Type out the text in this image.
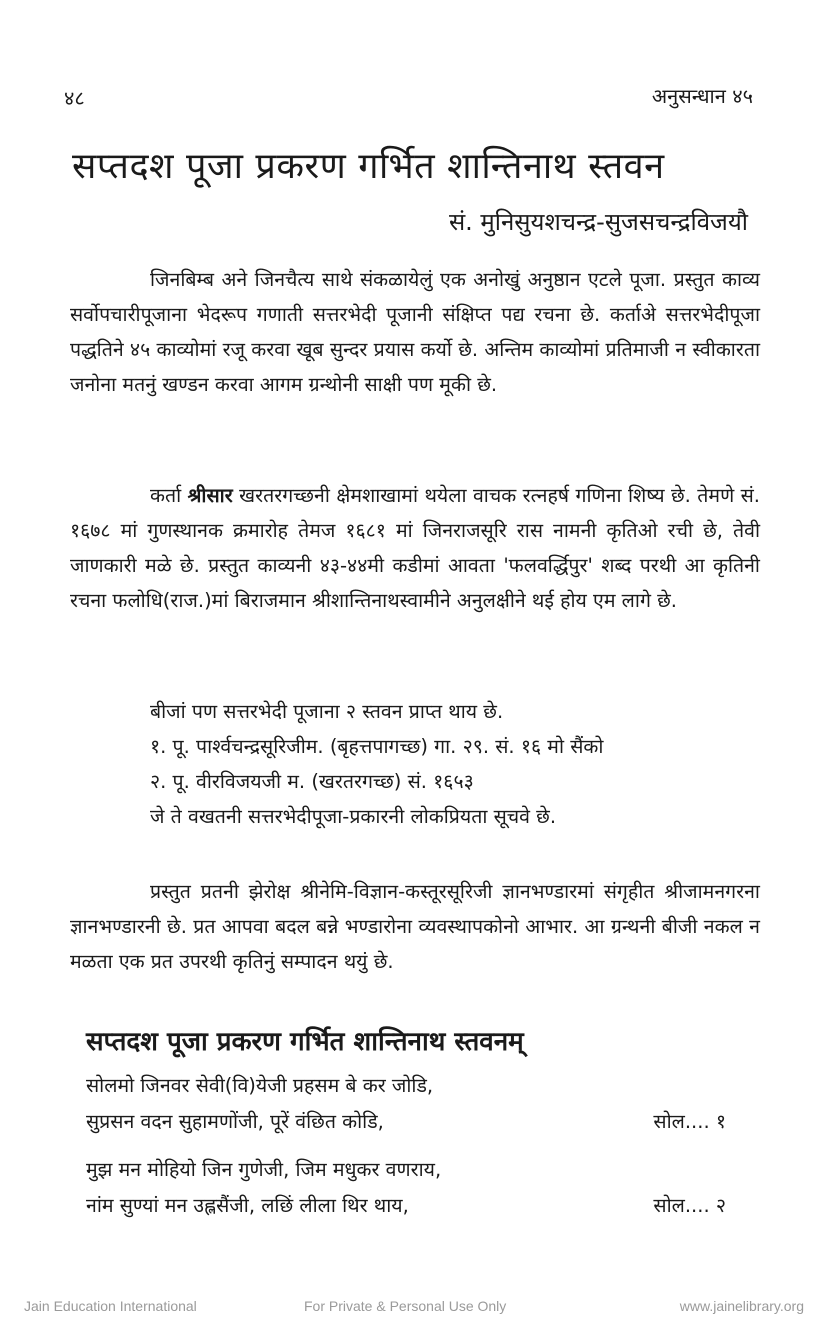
४८	अनुसन्धान ४५
सप्तदश पूजा प्रकरण गर्भित शान्तिनाथ स्तवन
सं. मुनिसुयशचन्द्र-सुजसचन्द्रविजयौ

जिनबिम्ब अने जिनचैत्य साथे संकळायेलुं एक अनोखुं अनुष्ठान एटले पूजा. प्रस्तुत काव्य सर्वोपचारीपूजाना भेदरूप गणाती सत्तरभेदी पूजानी संक्षिप्त पद्य रचना छे. कर्ताअे सत्तरभेदीपूजा पद्धतिने ४५ काव्योमां रजू करवा खूब सुन्दर प्रयास कर्यो छे. अन्तिम काव्योमां प्रतिमाजी न स्वीकारता जनोना मतनुं खण्डन करवा आगम ग्रन्थोनी साक्षी पण मूकी छे.

कर्ता श्रीसार खरतरगच्छनी क्षेमशाखामां थयेला वाचक रत्नहर्ष गणिना शिष्य छे. तेमणे सं. १६७८ मां गुणस्थानक क्रमारोह तेमज १६८१ मां जिनराजसूरि रास नामनी कृतिओ रची छे, तेवी जाणकारी मळे छे. प्रस्तुत काव्यनी ४३-४४मी कडीमां आवता 'फलवर्द्धिपुर' शब्द परथी आ कृतिनी रचना फलोधि(राज.)मां बिराजमान श्रीशान्तिनाथस्वामीने अनुलक्षीने थई होय एम लागे छे.

बीजां पण सत्तरभेदी पूजाना २ स्तवन प्राप्त थाय छे.
१. पू. पार्श्वचन्द्रसूरिजीम. (बृहत्तपागच्छ) गा. २९. सं. १६ मो सैंको
२. पू. वीरविजयजी म. (खरतरगच्छ) सं. १६५३
जे ते वखतनी सत्तरभेदीपूजा-प्रकारनी लोकप्रियता सूचवे छे.

प्रस्तुत प्रतनी झेरोक्ष श्रीनेमि-विज्ञान-कस्तूरसूरिजी ज्ञानभण्डारमां संगृहीत श्रीजामनगरना ज्ञानभण्डारनी छे. प्रत आपवा बदल बन्ने भण्डारोना व्यवस्थापकोनो आभार. आ ग्रन्थनी बीजी नकल न मळता एक प्रत उपरथी कृतिनुं सम्पादन थयुं छे.

सप्तदश पूजा प्रकरण गर्भित शान्तिनाथ स्तवनम्
सोलमो जिनवर सेवी(वि)येजी प्रहसम बे कर जोडि,
सुप्रसन वदन सुहामणोंजी, पूरें वंछित कोडि,	सोल.... १
मुझ मन मोहियो जिन गुणेजी, जिम मधुकर वणराय,
नांम सुण्यां मन उह्लसैंजी, लछिं लीला थिर थाय,	सोल.... २
Jain Education International	For Private & Personal Use Only	www.jainelibrary.org
